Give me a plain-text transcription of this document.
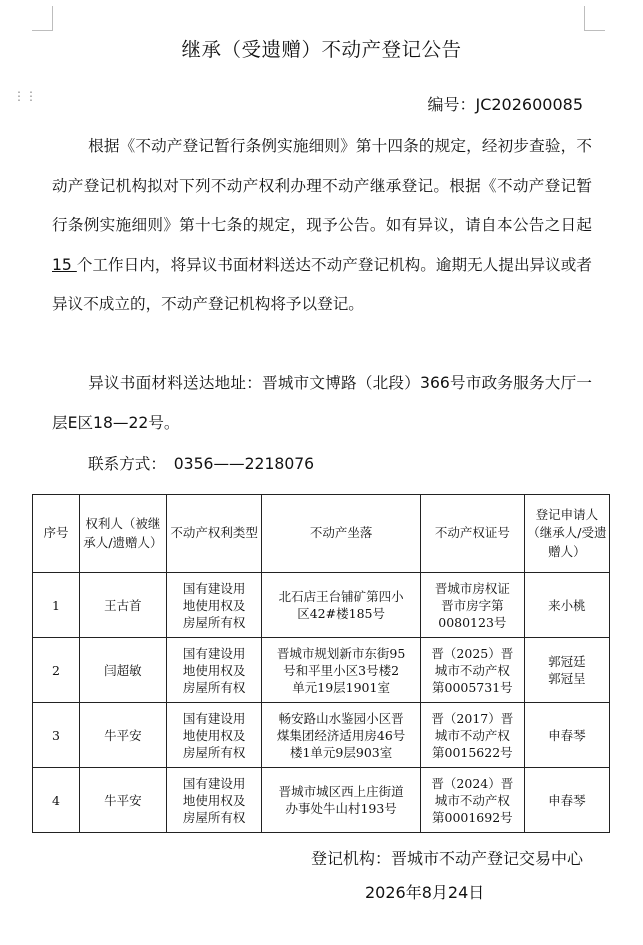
⋮⋮
继承（受遗赠）不动产登记公告
编号：JC202600085

根据《不动产登记暂行条例实施细则》第十四条的规定，经初步查验，不动产登记机构拟对下列不动产权利办理不动产继承登记。根据《不动产登记暂行条例实施细则》第十七条的规定，现予公告。如有异议，请自本公告之日起 15 个工作日内，将异议书面材料送达不动产登记机构。逾期无人提出异议或者异议不成立的，不动产登记机构将予以登记。

异议书面材料送达地址：晋城市文博路（北段）366号市政务服务大厅一层E区18—22号。

联系方式：　0356——2218076

序号	权利人（被继承人/遗赠人）	不动产权利类型	不动产坐落	不动产权证号	登记申请人（继承人/受遗赠人）
1	王古首	国有建设用
地使用权及
房屋所有权	北石店王台铺矿第四小
区42#楼185号	晋城市房权证
晋市房字第
0080123号	来小桃

2	闫超敏	国有建设用
地使用权及
房屋所有权	晋城市规划新市东街95
号和平里小区3号楼2
单元19层1901室	晋（2025）晋
城市不动产权
第0005731号	郭冠廷
郭冠呈

3	牛平安	国有建设用
地使用权及
房屋所有权	畅安路山水鉴园小区晋
煤集团经济适用房46号
楼1单元9层903室	晋（2017）晋
城市不动产权
第0015622号	申春琴

4	牛平安	国有建设用
地使用权及
房屋所有权	晋城市城区西上庄街道
办事处牛山村193号	晋（2024）晋
城市不动产权
第0001692号	申春琴
登记机构：晋城市不动产登记交易中心
2026年8月24日
